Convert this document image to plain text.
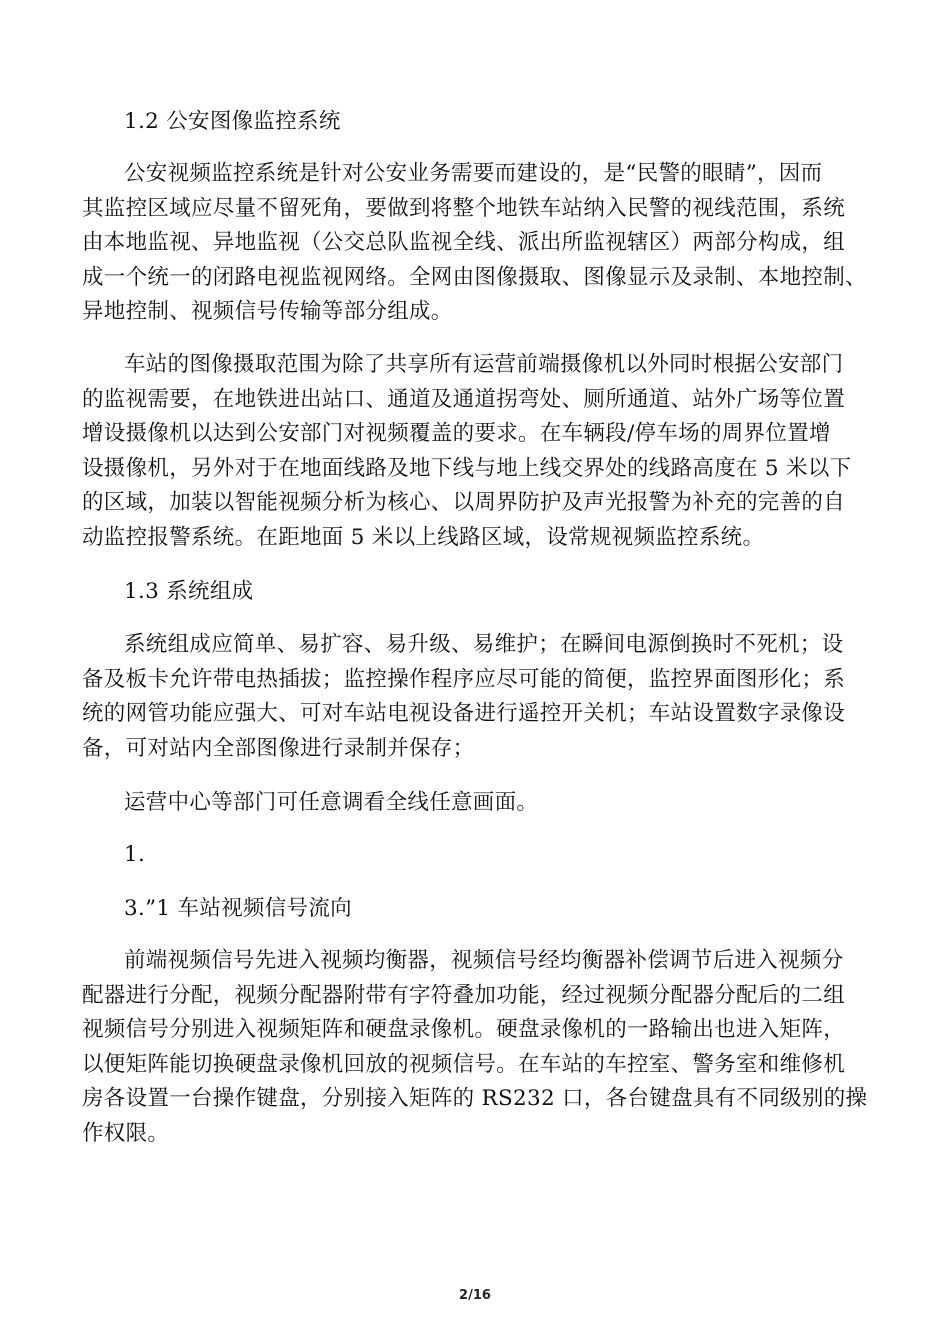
1.2 公安图像监控系统
公安视频监控系统是针对公安业务需要而建设的，是“民警的眼睛”，因而
其监控区域应尽量不留死角，要做到将整个地铁车站纳入民警的视线范围，系统
由本地监视、异地监视（公交总队监视全线、派出所监视辖区）两部分构成，组
成一个统一的闭路电视监视网络。全网由图像摄取、图像显示及录制、本地控制、
异地控制、视频信号传输等部分组成。
车站的图像摄取范围为除了共享所有运营前端摄像机以外同时根据公安部门
的监视需要，在地铁进出站口、通道及通道拐弯处、厕所通道、站外广场等位置
增设摄像机以达到公安部门对视频覆盖的要求。在车辆段/停车场的周界位置增
设摄像机，另外对于在地面线路及地下线与地上线交界处的线路高度在 5 米以下
的区域，加装以智能视频分析为核心、以周界防护及声光报警为补充的完善的自
动监控报警系统。在距地面 5 米以上线路区域，设常规视频监控系统。
1.3 系统组成
系统组成应简单、易扩容、易升级、易维护；在瞬间电源倒换时不死机；设
备及板卡允许带电热插拔；监控操作程序应尽可能的简便，监控界面图形化；系
统的网管功能应强大、可对车站电视设备进行遥控开关机；车站设置数字录像设
备，可对站内全部图像进行录制并保存；
运营中心等部门可任意调看全线任意画面。
1.
3.”1 车站视频信号流向
前端视频信号先进入视频均衡器，视频信号经均衡器补偿调节后进入视频分
配器进行分配，视频分配器附带有字符叠加功能，经过视频分配器分配后的二组
视频信号分别进入视频矩阵和硬盘录像机。硬盘录像机的一路输出也进入矩阵，
以便矩阵能切换硬盘录像机回放的视频信号。在车站的车控室、警务室和维修机
房各设置一台操作键盘，分别接入矩阵的 RS232 口，各台键盘具有不同级别的操
作权限。
2/16
